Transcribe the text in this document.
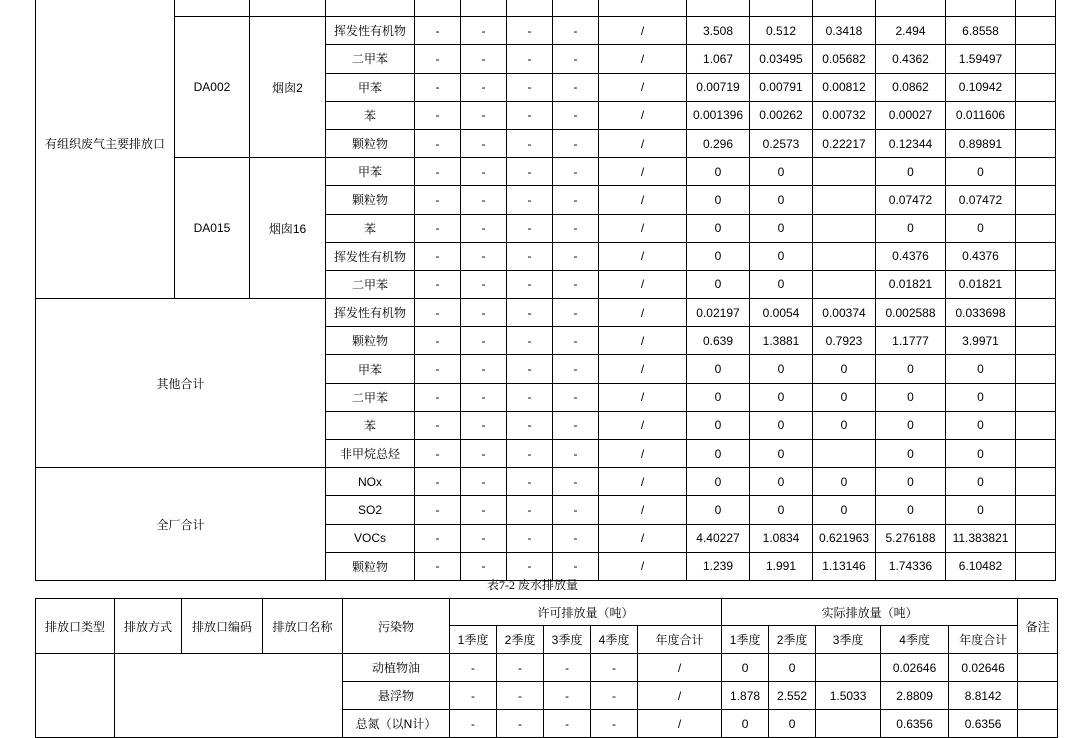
有组织废气主要排放口														
	DA002	烟囱2	挥发性有机物	-	-	-	-	/	3.508	0.512	0.3418	2.494	6.8558	
			二甲苯	-	-	-	-	/	1.067	0.03495	0.05682	0.4362	1.59497	
			甲苯	-	-	-	-	/	0.00719	0.00791	0.00812	0.0862	0.10942	
			苯	-	-	-	-	/	0.001396	0.00262	0.00732	0.00027	0.011606	
			颗粒物	-	-	-	-	/	0.296	0.2573	0.22217	0.12344	0.89891	
	DA015	烟囱16	甲苯	-	-	-	-	/	0	0		0	0	
			颗粒物	-	-	-	-	/	0	0		0.07472	0.07472	
			苯	-	-	-	-	/	0	0		0	0	
			挥发性有机物	-	-	-	-	/	0	0		0.4376	0.4376	
			二甲苯	-	-	-	-	/	0	0		0.01821	0.01821	
其他合计			挥发性有机物	-	-	-	-	/	0.02197	0.0054	0.00374	0.002588	0.033698	
			颗粒物	-	-	-	-	/	0.639	1.3881	0.7923	1.1777	3.9971	
			甲苯	-	-	-	-	/	0	0	0	0	0	
			二甲苯	-	-	-	-	/	0	0	0	0	0	
			苯	-	-	-	-	/	0	0	0	0	0	
			非甲烷总烃	-	-	-	-	/	0	0		0	0	
全厂合计			NOx	-	-	-	-	/	0	0	0	0	0	
			SO2	-	-	-	-	/	0	0	0	0	0	
			VOCs	-	-	-	-	/	4.40227	1.0834	0.621963	5.276188	11.383821	
			颗粒物	-	-	-	-	/	1.239	1.991	1.13146	1.74336	6.10482	
表7-2 废水排放量
排放口类型	排放方式	排放口编码	排放口名称	污染物	许可排放量（吨）					实际排放量（吨）					备注
					1季度	2季度	3季度	4季度	年度合计	1季度	2季度	3季度	4季度	年度合计	
				动植物油	-	-	-	-	/	0	0		0.02646	0.02646	
				悬浮物	-	-	-	-	/	1.878	2.552	1.5033	2.8809	8.8142	
				总氮（以N计）	-	-	-	-	/	0	0		0.6356	0.6356	
